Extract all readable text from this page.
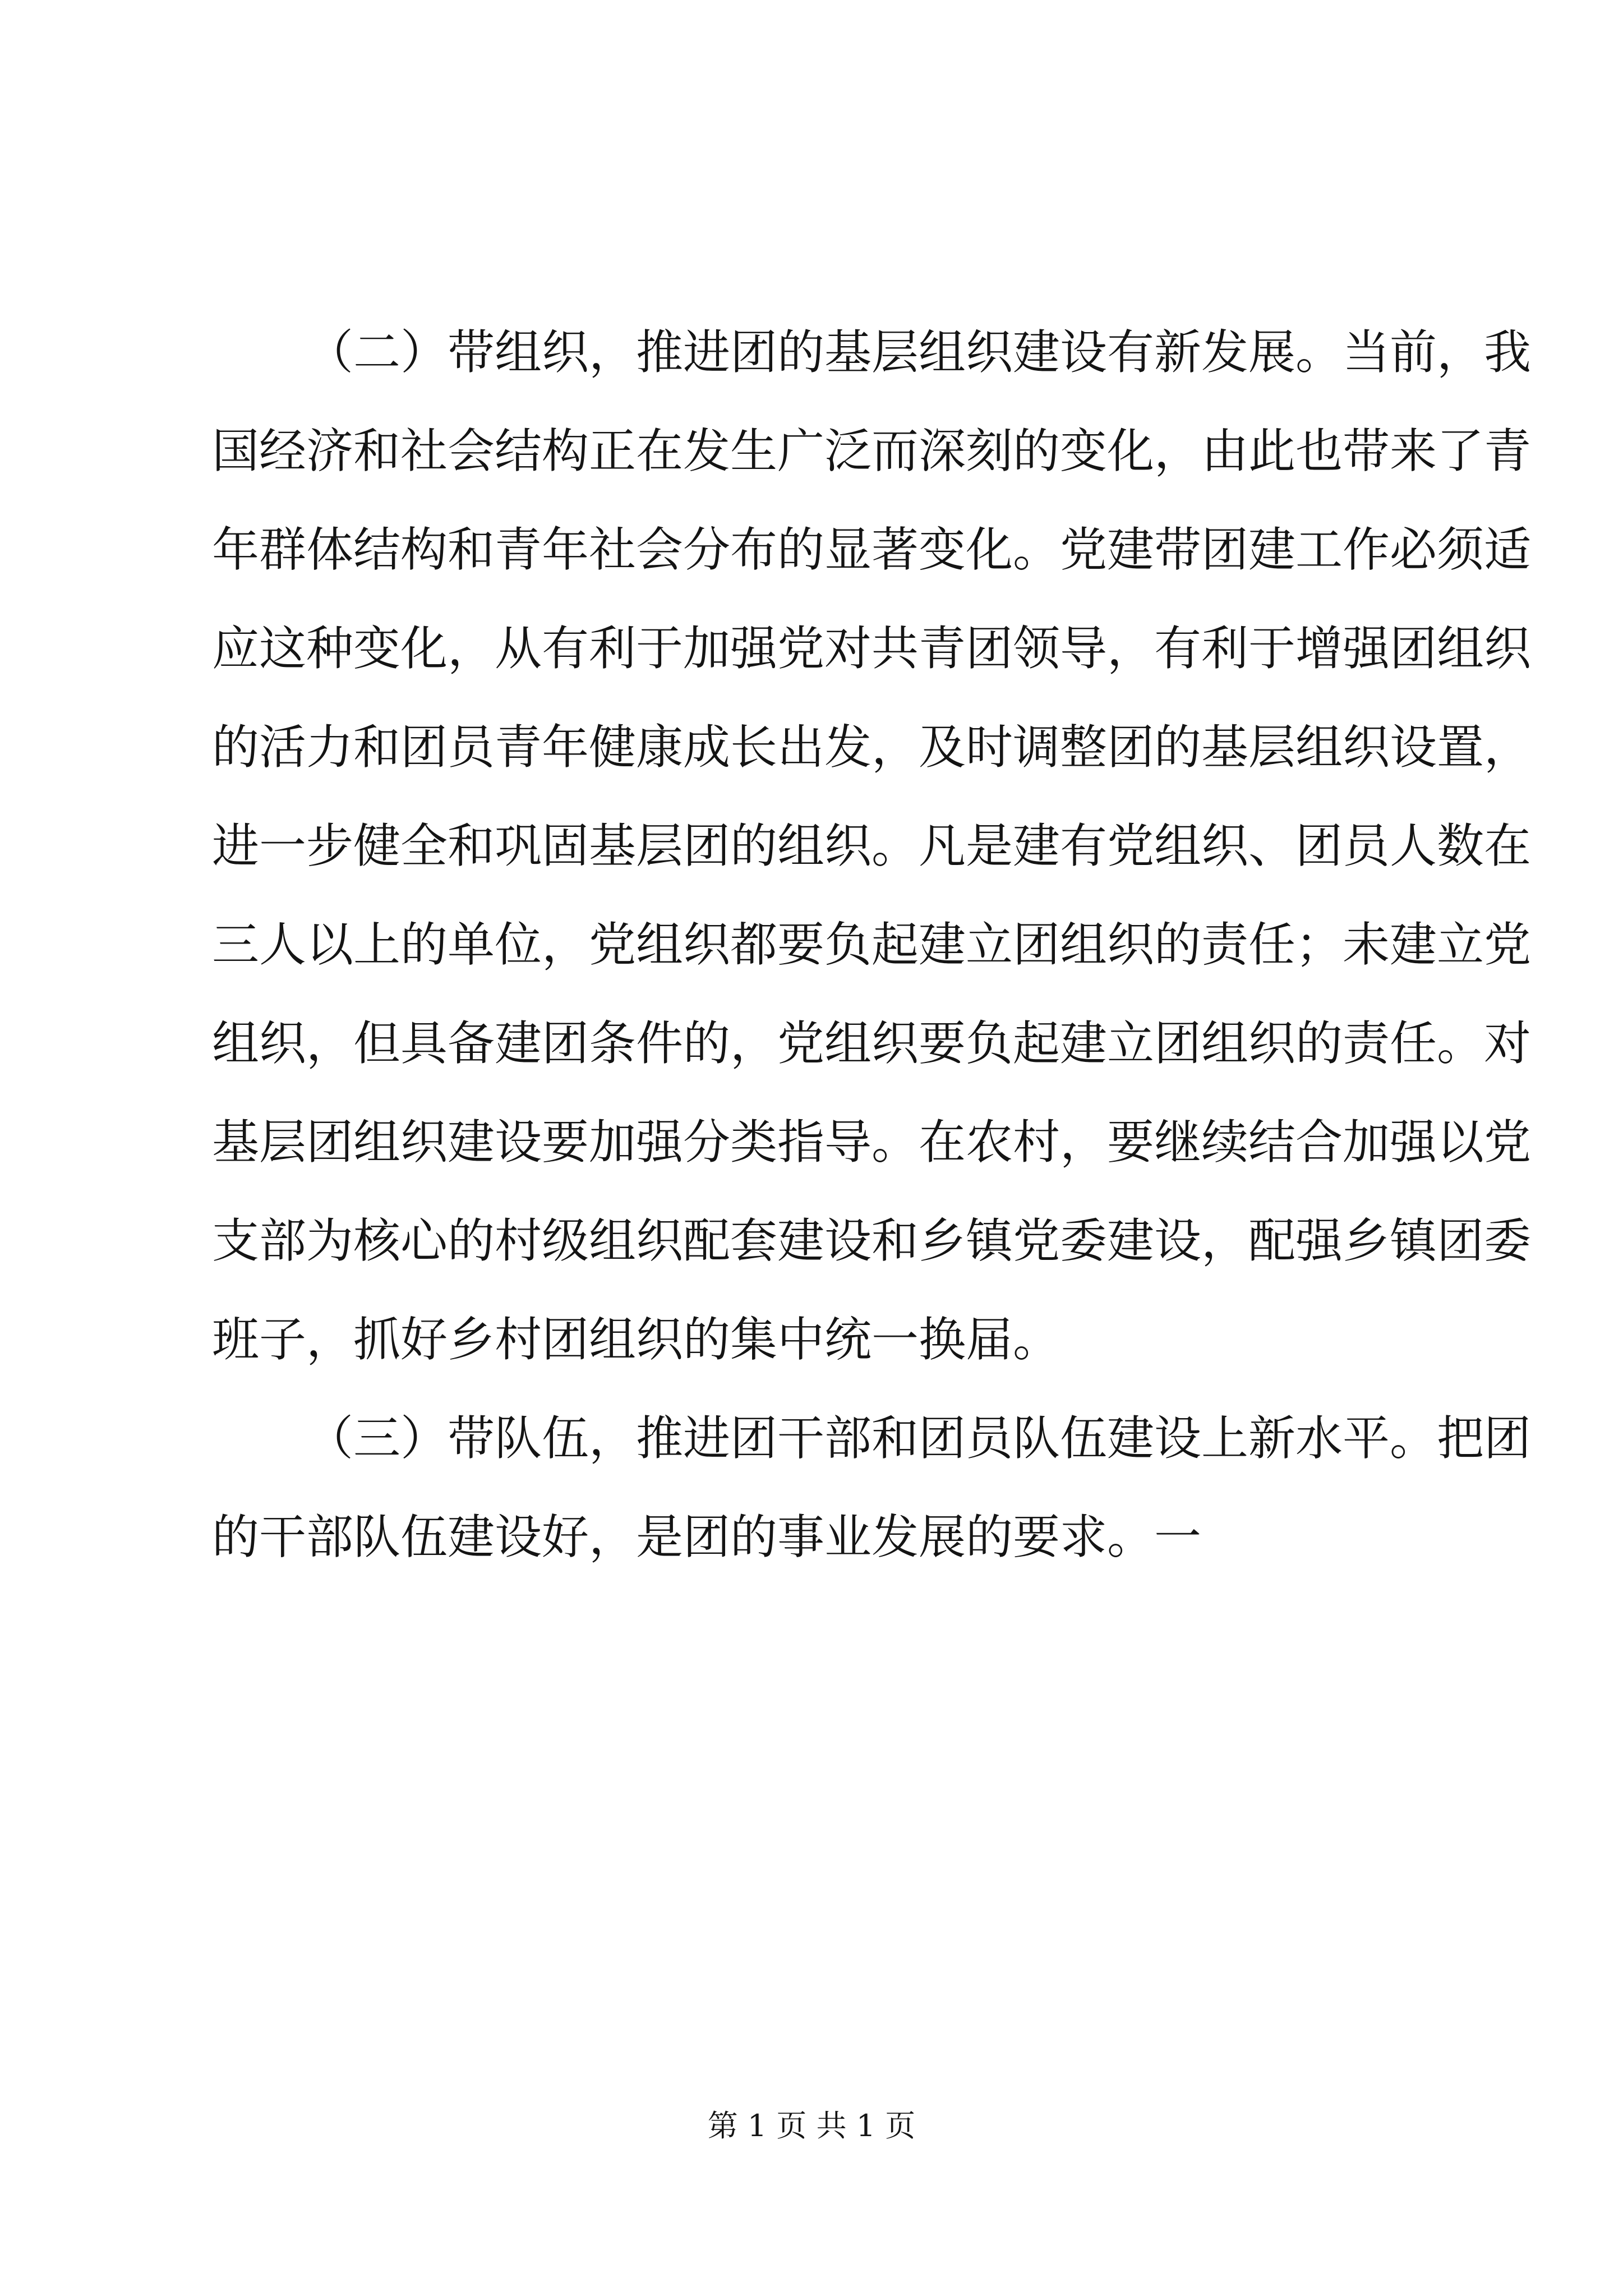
（二）带组织，推进团的基层组织建设有新发展。当前，我
国经济和社会结构正在发生广泛而深刻的变化，由此也带来了青
年群体结构和青年社会分布的显著变化。党建带团建工作必须适
应这种变化，从有利于加强党对共青团领导，有利于增强团组织
的活力和团员青年健康成长出发，及时调整团的基层组织设置，
进一步健全和巩固基层团的组织。凡是建有党组织、团员人数在
三人以上的单位，党组织都要负起建立团组织的责任；未建立党
组织，但具备建团条件的，党组织要负起建立团组织的责任。对
基层团组织建设要加强分类指导。在农村，要继续结合加强以党
支部为核心的村级组织配套建设和乡镇党委建设，配强乡镇团委
班子，抓好乡村团组织的集中统一换届。
（三）带队伍，推进团干部和团员队伍建设上新水平。把团
的干部队伍建设好，是团的事业发展的要求。一
第 1 页 共 1 页
